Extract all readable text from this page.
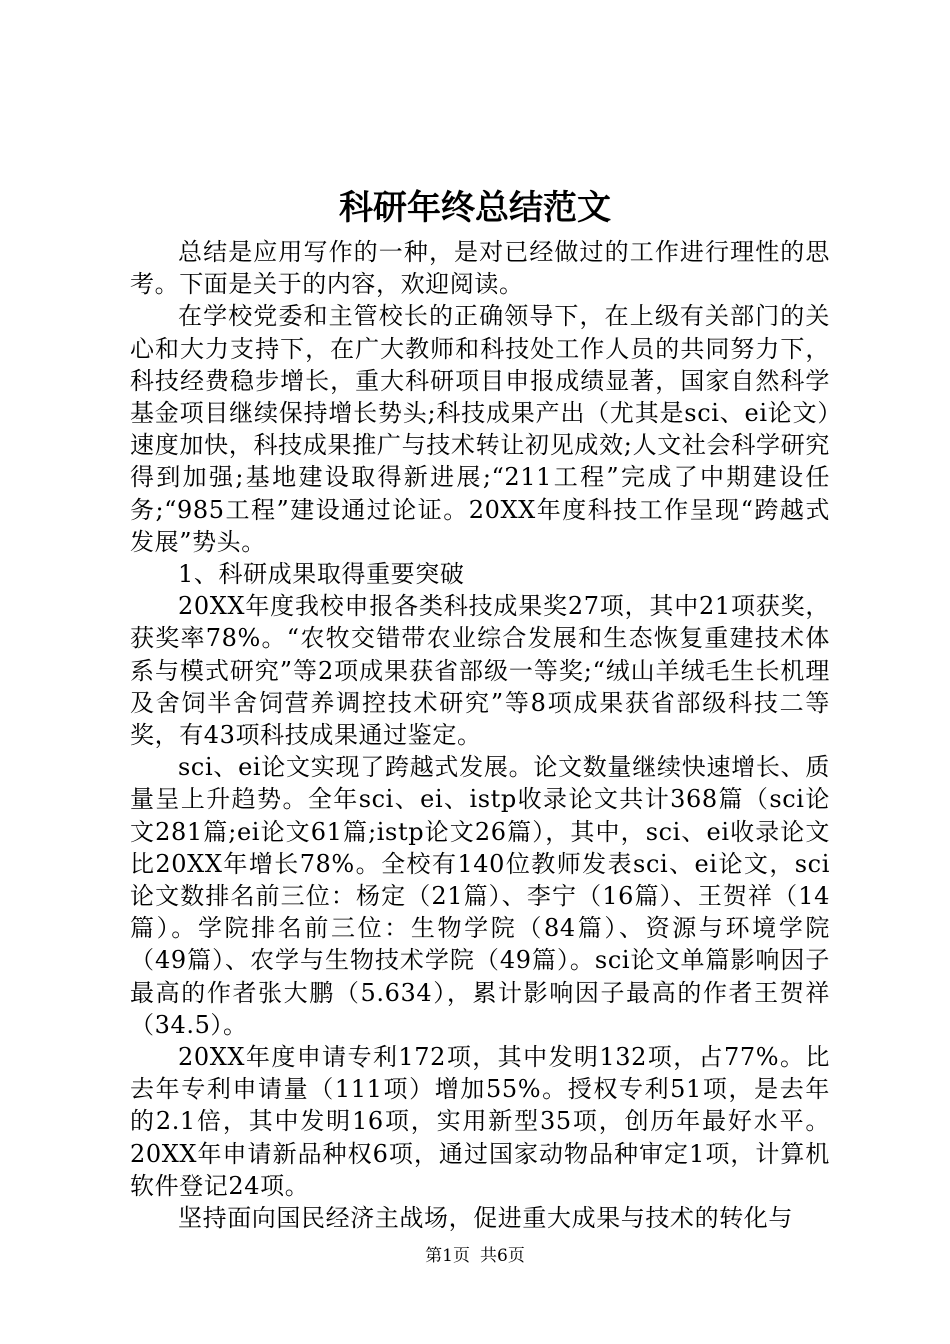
科研年终总结范文

总结是应用写作的一种，是对已经做过的工作进行理性的思考。下面是关于的内容，欢迎阅读。

在学校党委和主管校长的正确领导下，在上级有关部门的关心和大力支持下，在广大教师和科技处工作人员的共同努力下，科技经费稳步增长，重大科研项目申报成绩显著，国家自然科学基金项目继续保持增长势头;科技成果产出（尤其是sci、ei论文）速度加快，科技成果推广与技术转让初见成效;人文社会科学研究得到加强;基地建设取得新进展;“211工程”完成了中期建设任务;“985工程”建设通过论证。20XX年度科技工作呈现“跨越式发展”势头。

1、科研成果取得重要突破

20XX年度我校申报各类科技成果奖27项，其中21项获奖，获奖率78%。“农牧交错带农业综合发展和生态恢复重建技术体系与模式研究”等2项成果获省部级一等奖;“绒山羊绒毛生长机理及舍饲半舍饲营养调控技术研究”等8项成果获省部级科技二等奖，有43项科技成果通过鉴定。

sci、ei论文实现了跨越式发展。论文数量继续快速增长、质量呈上升趋势。全年sci、ei、istp收录论文共计368篇（sci论文281篇;ei论文61篇;istp论文26篇），其中，sci、ei收录论文比20XX年增长78%。全校有140位教师发表sci、ei论文，sci论文数排名前三位：杨定（21篇）、李宁（16篇）、王贺祥（14篇）。学院排名前三位：生物学院（84篇）、资源与环境学院（49篇）、农学与生物技术学院（49篇）。sci论文单篇影响因子最高的作者张大鹏（5.634），累计影响因子最高的作者王贺祥（34.5）。

20XX年度申请专利172项，其中发明132项，占77%。比去年专利申请量（111项）增加55%。授权专利51项，是去年的2.1倍，其中发明16项，实用新型35项，创历年最好水平。20XX年申请新品种权6项，通过国家动物品种审定1项，计算机软件登记24项。

坚持面向国民经济主战场，促进重大成果与技术的转化与

第1页 共6页
